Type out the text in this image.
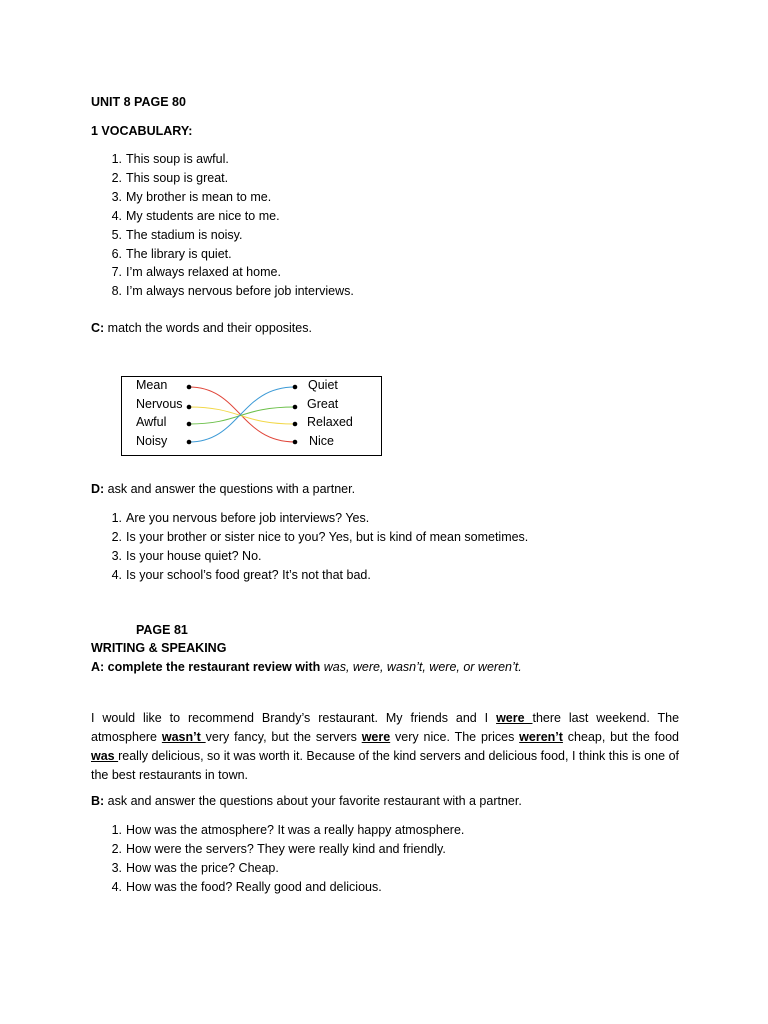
UNIT 8 PAGE 80
1 VOCABULARY:
1. This soup is awful.
2. This soup is great.
3. My brother is mean to me.
4. My students are nice to me.
5. The stadium is noisy.
6. The library is quiet.
7. I’m always relaxed at home.
8. I’m always nervous before job interviews.
C: match the words and their opposites.
Mean
Nervous
Awful
Noisy
Quiet
Great
Relaxed
Nice
D: ask and answer the questions with a partner.
1. Are you nervous before job interviews? Yes.
2. Is your brother or sister nice to you? Yes, but is kind of mean sometimes.
3. Is your house quiet? No.
4. Is your school’s food great? It’s not that bad.
PAGE 81
WRITING & SPEAKING
A: complete the restaurant review with was, were, wasn’t, were, or weren’t.
I would like to recommend Brandy’s restaurant. My friends and I were there last weekend. The atmosphere wasn’t very fancy, but the servers were very nice. The prices weren’t cheap, but the food was really delicious, so it was worth it. Because of the kind servers and delicious food, I think this is one of the best restaurants in town.
B: ask and answer the questions about your favorite restaurant with a partner.
1. How was the atmosphere? It was a really happy atmosphere.
2. How were the servers? They were really kind and friendly.
3. How was the price? Cheap.
4. How was the food? Really good and delicious.
